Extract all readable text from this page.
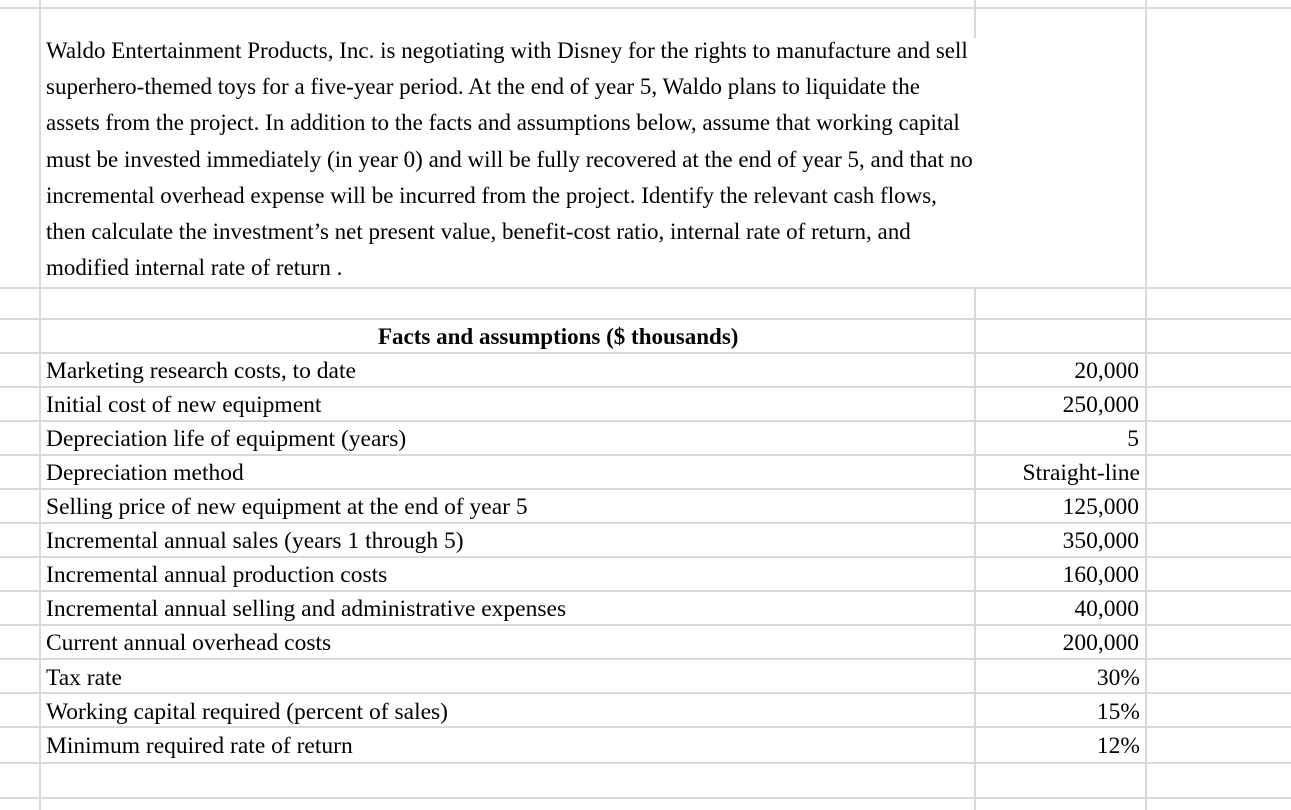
Waldo Entertainment Products, Inc. is negotiating with Disney for the rights to manufacture and sell
superhero-themed toys for a five-year period. At the end of year 5, Waldo plans to liquidate the
assets from the project. In addition to the facts and assumptions below, assume that working capital
must be invested immediately (in year 0) and will be fully recovered at the end of year 5, and that no
incremental overhead expense will be incurred from the project. Identify the relevant cash flows,
then calculate the investment’s net present value, benefit-cost ratio, internal rate of return, and
modified internal rate of return .
Facts and assumptions ($ thousands)
Marketing research costs, to date	20,000
Initial cost of new equipment	250,000
Depreciation life of equipment (years)	5
Depreciation method	Straight-line
Selling price of new equipment at the end of year 5	125,000
Incremental annual sales (years 1 through 5)	350,000
Incremental annual production costs	160,000
Incremental annual selling and administrative expenses	40,000
Current annual overhead costs	200,000
Tax rate	30%
Working capital required (percent of sales)	15%
Minimum required rate of return	12%
